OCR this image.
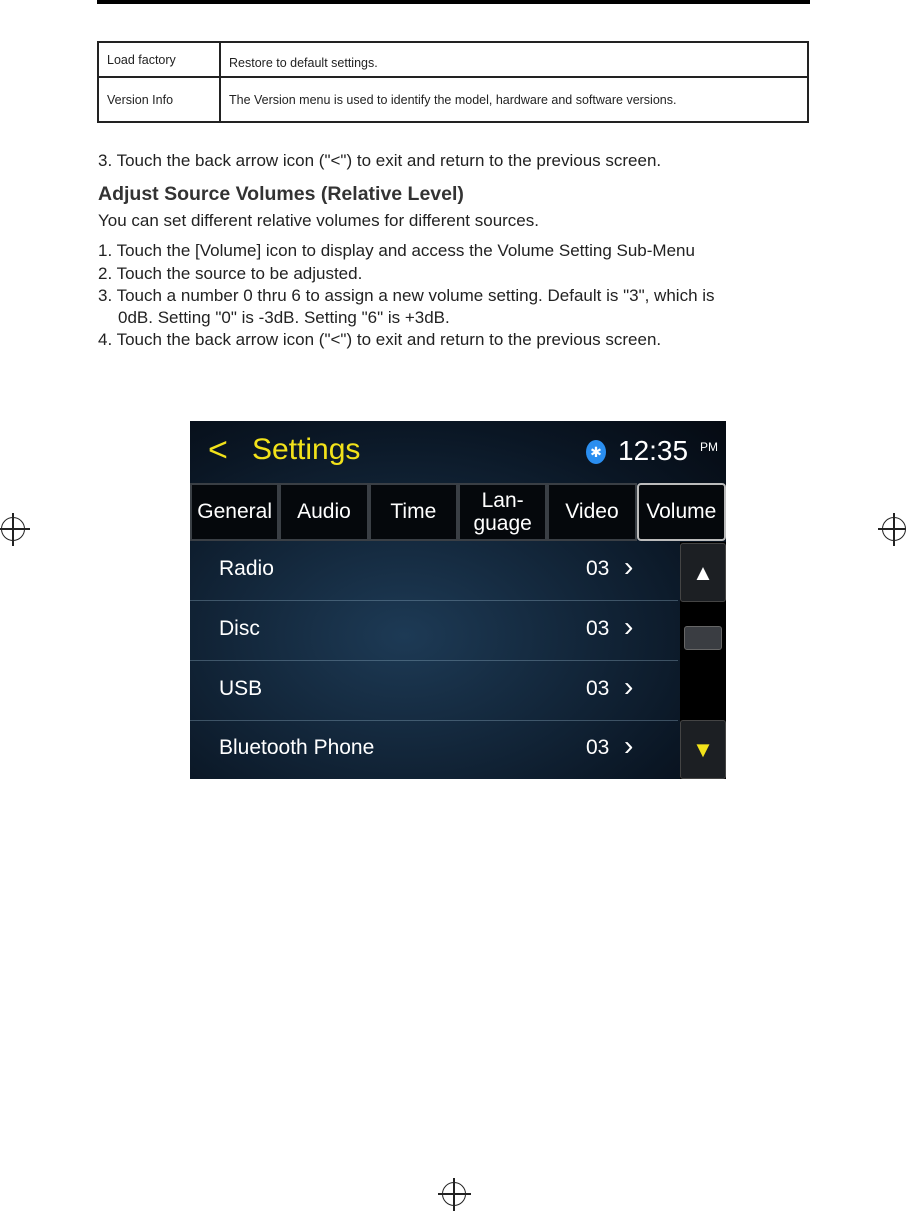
Load factory	Restore to default settings.
Version Info	The Version menu is used to identify the model, hardware and software versions.
3. Touch the back arrow icon ("<") to exit and return to the previous screen.
Adjust Source Volumes (Relative Level)
You can set different relative volumes for different sources.
1. Touch the [Volume] icon to display and access the Volume Setting Sub-Menu
2. Touch the source to be adjusted.
3. Touch a number 0 thru 6 to assign a new volume setting. Default is "3", which is
0dB. Setting "0" is -3dB. Setting "6" is +3dB.
4. Touch the back arrow icon ("<") to exit and return to the previous screen.
< Settings	✱ 12:35 PM
General	Audio	Time
Lan-
guage
Video	Volume
Radio	03 ›
Disc	03 ›
USB	03 ›
Bluetooth Phone	03 ›
▲
▼
